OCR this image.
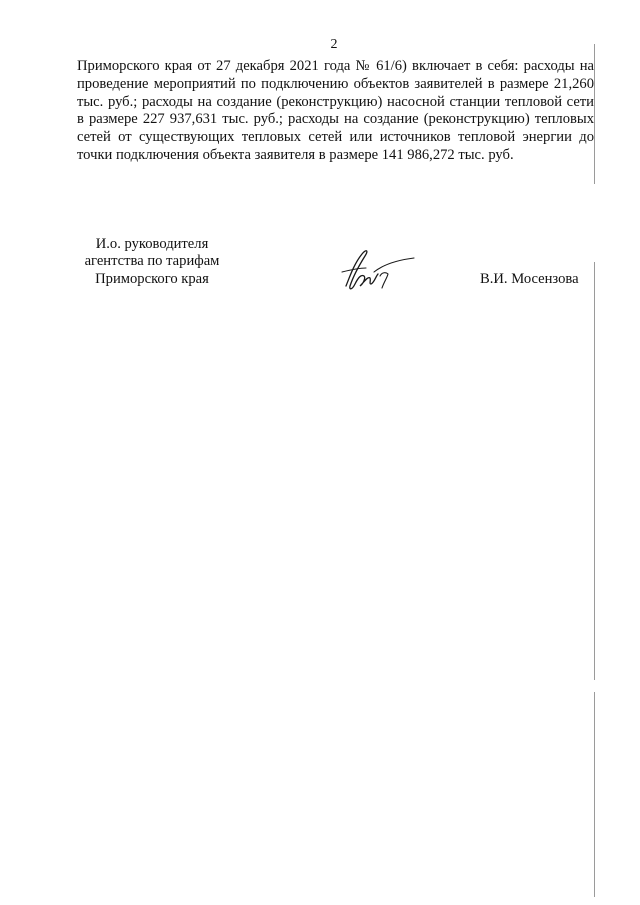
2

Приморского края от 27 декабря 2021 года № 61/6) включает в себя: расходы на проведение мероприятий по подключению объектов заявителей в размере 21,260 тыс. руб.; расходы на создание (реконструкцию) насосной станции тепловой сети в размере 227 937,631 тыс. руб.; расходы на создание (реконструкцию) тепловых сетей от существующих тепловых сетей или источников тепловой энергии до точки подключения объекта заявителя в размере 141 986,272 тыс. руб.

И.о. руководителя
агентства по тарифам
Приморского края	В.И. Мосензова
